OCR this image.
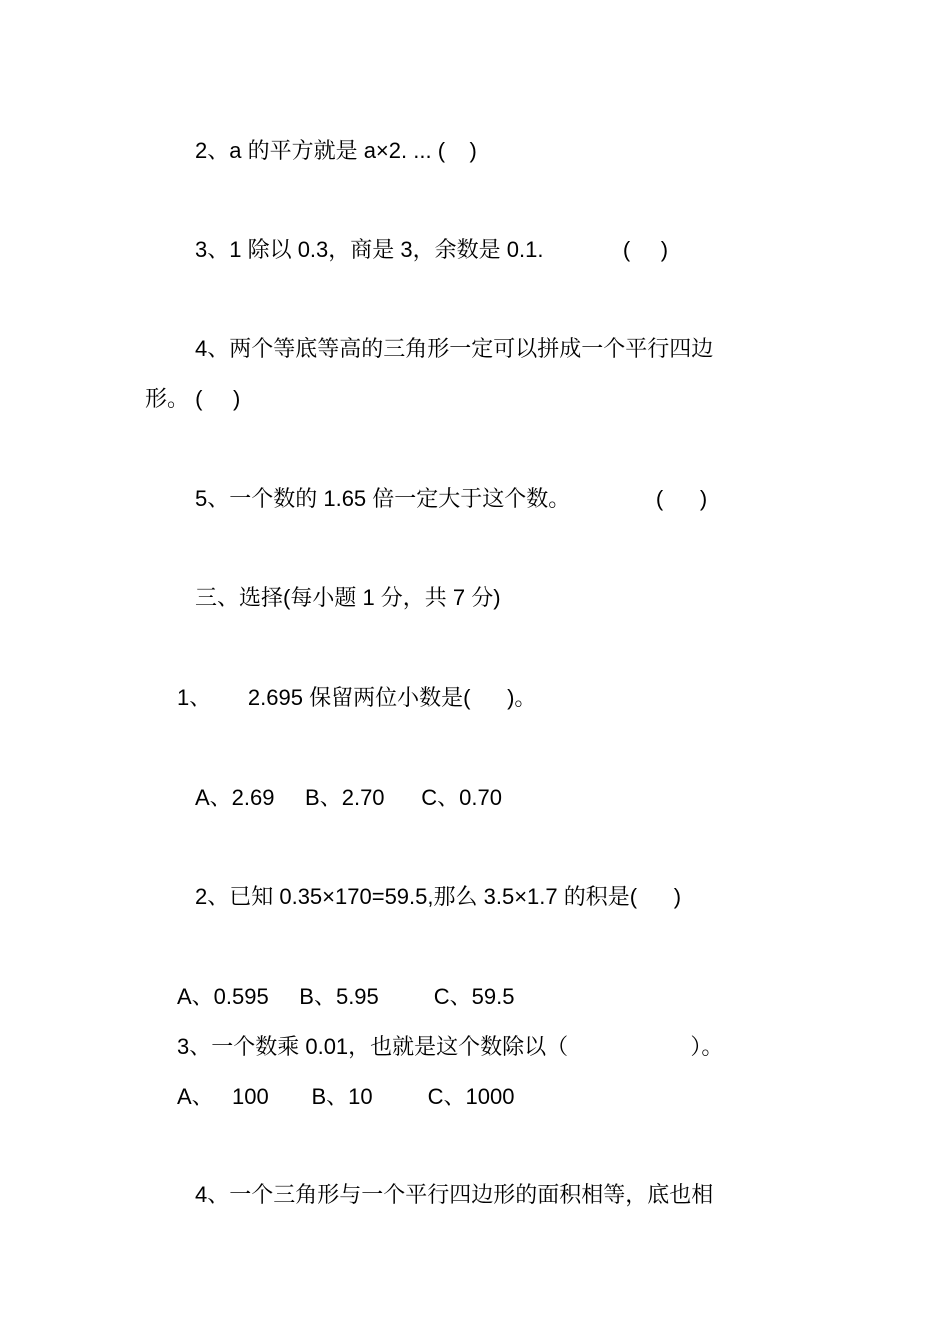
2、a 的平方就是 a×2. ... (    )
3、1 除以 0.3，商是 3，余数是 0.1.             (     )
4、两个等底等高的三角形一定可以拼成一个平行四边
形。 (     )
5、一个数的 1.65 倍一定大于这个数。              (      )
三、选择(每小题 1 分，共 7 分)
1、      2.695 保留两位小数是(      )。
A、2.69     B、2.70      C、0.70
2、已知 0.35×170=59.5,那么 3.5×1.7 的积是(      )
A、0.595     B、5.95         C、59.5
3、一个数乘 0.01，也就是这个数除以（                    ）。
A、   100       B、10         C、1000
4、一个三角形与一个平行四边形的面积相等，底也相
